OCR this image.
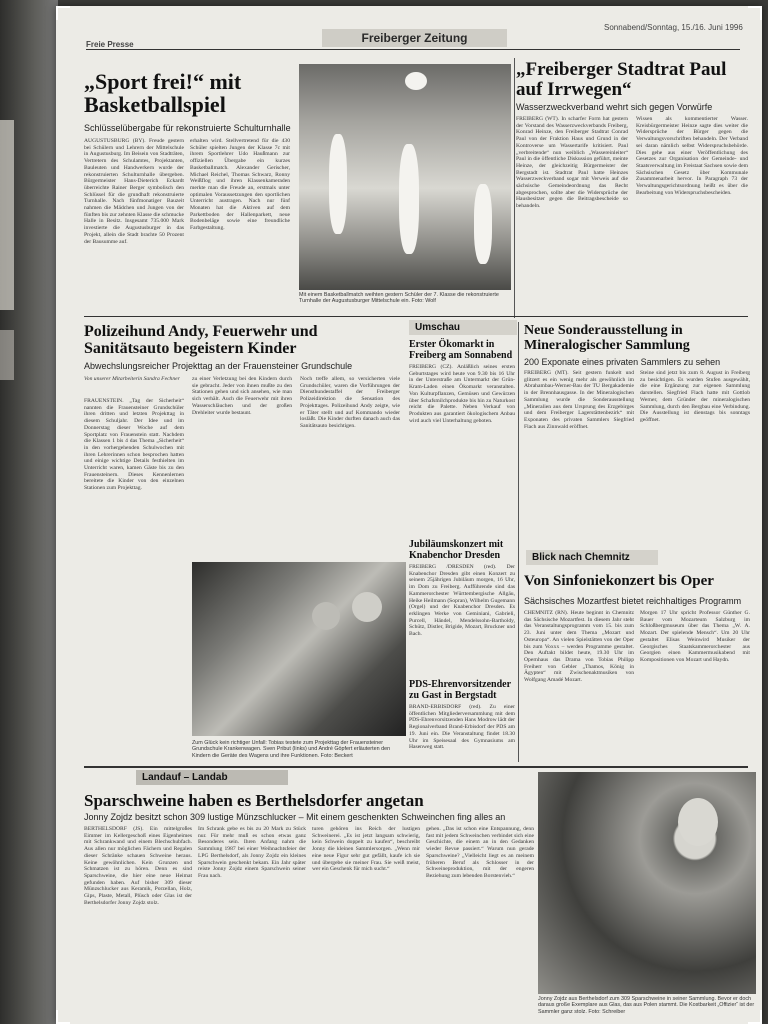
Freie Presse	Freiberger Zeitung
Sonnabend/Sonntag, 15./16. Juni 1996
„Sport frei!“ mit Basketballspiel
Schlüsselübergabe für rekonstruierte Schulturnhalle
AUGUSTUSBURG (BY). Freude gestern bei Schülern und Lehrern der Mittelschule in Augustusburg. Im Beisein von Stadträten, Vertretern des Schulamtes, Projektanten, Bauleuten und Handwerkern wurde der rekonstruierten Schulturnhalle übergeben. Bürgermeister Hans-Dieterich Eckardt überreichte Rainer Berger symbolisch den Schlüssel für die grundhaft rekonstruierte Turnhalle. Nach fünfmonatiger Bauzeit nahmen die Mädchen und Jungen von der fünften bis zur zehnten Klasse die schmucke Halle in Besitz. Insgesamt 735.000 Mark investierte die Augustusburger in das Projekt, allein die Stadt brachte 50 Prozent der Bausumme auf.
erhalten wird. Stellvertretend für die 430 Schüler spielten Jungen der Klasse 7c mit ihrem Sportlehrer Udo Haußmann zur offiziellen Übergabe ein kurzes Basketballmatch. Alexander Gerischer, Michael Reichel, Thomas Schwarz, Ronny Weißflog und ihren Klassenkameraden merkte man die Freude an, erstmals unter optimalen Voraussetzungen den sportlichen Unterricht austragen. Nach nur fünf Monaten hat die Aktiven auf dem Parkettboden der Hallenparkett, neue Bodenbeläge sowie eine freundliche Farbgestaltung.
Mit einem Basketballmatch weihten gestern Schüler der 7. Klasse die rekonstruierte Turnhalle der Augustusburger Mittelschule ein. Foto: Wolf
„Freiberger Stadtrat Paul auf Irrwegen“
Wasserzweckverband wehrt sich gegen Vorwürfe
FREIBERG (WT). In scharfer Form hat gestern der Vorstand des Wasserzweckverbands Freiberg, Konrad Heinze, den Freiberger Stadtrat Conrad Paul von der Fraktion Haus und Grund in der Kontroverse um Wassertarife kritisiert. Paul „verbreitende“ nun weiblich „Wassereinleiter“ Paul in die öffentliche Diskussion geführt, meinte Heinze, der gleichzeitig Bürgermeister der Bergstadt ist. Stadtrat Paul hatte Heinzes Wasserzweckverband sogar mit Verweis auf die sächsische Gemeindeordnung das Recht abgesprochen, sollte aber die Widersprüche der Hausbesitzer gegen die Beitragsbescheide so behandeln.
Wissen als kommentierter Wasser. Kreisbürgermeister Heinze sagte dies weiter die Widersprüche der Bürger gegen die Verwaltungsvorschriften behandeln. Der Verband sei daran nämlich selbst Widerspruchsbehörde. Dies gehe aus einer Veröffentlichung des Gesetzes zur Organisation der Gemeinde- und Staatsverwaltung im Freistaat Sachsen sowie dem Sächsischen Gesetz über Kommunale Zusammenarbeit hervor. In Paragraph 73 der Verwaltungsgerichtsordnung heißt es über die Bearbeitung von Widerspruchsbescheiden.
Polizeihund Andy, Feuerwehr und Sanitätsauto begeistern Kinder
Abwechslungsreicher Projekttag an der Frauensteiner Grundschule
Von unserer Mitarbeiterin Sandra Fechner
FRAUENSTEIN. „Tag der Sicherheit“ nannten die Frauensteiner Grundschüler ihren dritten und letzten Projekttag in diesem Schuljahr. Der Idee und im Donnerstag dieser Woche auf dem Sportplatz von Frauenstein statt. Nachdem die Klassen 1 bis 4 das Thema „Sicherheit“ in den vorhergehenden Schulwochen mit ihren Lehrerinnen schon besprochen hatten und einige wichtige Details festhielten im Unterricht waren, kamen Gäste bis zu den Frauensteinern. Dieses Kennenlernen bereitete die Kinder von den einzelnen Stationen zum Projekttag.
zu einer Verletzung bei den Kindern durch sie gebracht. Jeder von ihnen mußte zu den Stationen gehen und sich ansehen, wie man sich verhält. Auch die Feuerwehr mit ihren Wasserschläuchen und der großen Drehleiter wurde bestaunt.
Noch treffe allem, so versicherten viele Grundschüler, waren die Vorführungen der Diensthundestaffel der Freiberger Polizeidirektion die Sensation des Projekttages. Polizeihund Andy zeigte, wie er Täter stellt und auf Kommando wieder losläßt. Die Kinder durften danach auch das Sanitätsauto besichtigen.
Zum Glück kein richtiger Unfall: Tobias testete zum Projekttag der Frauensteiner Grundschule Krankenwagen. Sven Pribut (links) und André Göpfert erläuterten den Kindern die Geräte des Wagens und ihre Funktionen. Foto: Beckert
Umschau
Erster Ökomarkt in Freiberg am Sonnabend
FREIBERG (CZ). Anläßlich seines ersten Geburtstages wird heute von 9.30 bis 16 Uhr in der Unterstraße am Untermarkt der Grün-Kram-Laden einen Ökomarkt veranstalten. Von Kulturpflanzen, Gemüsen und Gewürzen über Schafsmilchprodukte bis hin zu Naturkost reicht die Palette. Neben Verkauf von Produkten aus garantiert ökologischem Anbau wird auch viel Unterhaltung geboten.
Jubiläumskonzert mit Knabenchor Dresden
FREIBERG /DRESDEN (red). Der Knabenchor Dresden gibt einen Konzert zu seinem 25jährigen Jubiläum morgen, 16 Uhr, im Dom zu Freiberg. Aufführende sind das Kammerorchester Württembergische Allgäu, Heike Heilmann (Sopran), Wilhelm Gugemann (Orgel) und der Knabenchor Dresden. Es erklingen Werke von Geminiani, Gabrieli, Purcell, Händel, Mendelssohn-Bartholdy, Schütz, Distler, Brigide, Mozart, Bruckner und Bach.
PDS-Ehrenvorsitzender zu Gast in Bergstadt
BRAND-ERBISDORF (red). Zu einer öffentlichen Mitgliederversammlung mit dem PDS-Ehrenvorsitzenden Hans Modrow lädt der Regionalverband Brand-Erbisdorf der PDS am 19. Juni ein. Die Veranstaltung findet 18.30 Uhr im Speisesaal des Gymnasiums am Hasenweg statt.
Neue Sonderausstellung in Mineralogischer Sammlung
200 Exponate eines privaten Sammlers zu sehen
FREIBERG (MT). Seit gestern funkelt und glitzert es ein wenig mehr als gewöhnlich im Abrahambau-Werner-Bau der TU Bergakademie in der Brennhausgasse. In der Mineralogischen Sammlung wurde die Sonderausstellung „Mineralien aus dem Ursprung des Erzgebirges und dem Freiberger Lagerstättenbezirk“ mit Exponaten des privaten Sammlers Siegfried Flach aus Zinnwald eröffnet.
Steine sind jetzt bis zum 8. August in Freiberg zu besichtigen. Es wurden Stufen ausgewählt, die eine Ergänzung zur eigenen Sammlung darstellen. Siegfried Flach hatte mit Gottlob Werner, dem Gründer der mineralogischen Sammlung, durch den Bergbau eine Verbindung. Die Ausstellung ist dienstags bis sonntags geöffnet.
Blick nach Chemnitz
Von Sinfoniekonzert bis Oper
Sächsisches Mozartfest bietet reichhaltiges Programm
CHEMNITZ (RN). Heute beginnt in Chemnitz das Sächsische Mozartfest. In diesem Jahr steht das Veranstaltungsprogramm vom 15. bis zum 23. Juni unter dem Thema „Mozart und Osteuropa“. An vielen Spielstätten von der Oper bis zum Voxxx – werden Programme gestaltet. Den Auftakt bildet heute, 19.30 Uhr im Opernhaus das Drama von Tobias Philipp Freiherr von Gebler „Thamos, König in Ägypten“ mit Zwischenaktmusiken von Wolfgang Amadé Mozart.
Morgen 17 Uhr spricht Professor Günther G. Bauer vom Mozarteum Salzburg im Schloßbergmuseum über das Thema „W. A. Mozart. Der spielende Mensch“. Um 20 Uhr gestaltet Elisas Weinwird Musiker der Georgisches Staatskammerorchester aus Georgien einen Kammermusikabend mit Kompositionen von Mozart und Haydn.
Landauf – Landab
Sparschweine haben es Berthelsdorfer angetan
Jonny Zojdz besitzt schon 309 lustige Münzschlucker – Mit einem geschenkten Schweinchen fing alles an
BERTHELSDORF (JS). Ein mittelgroßes Eimmer im Kellergeschoß eines Eigenheimes mit Schrankwand und einem Blechschubfach. Aus allen nur möglichen Fächern und Regalen dieser Schränke schauen Schweine heraus. Keine gewöhnlichen. Kein Grunzen und Schmatzen ist zu hören. Denn es sind Sparschweine, die hier eine neue Heimat gefunden haben. Auf bisher 309 dieser Münzschlucker aus Keramik, Porzellan, Holz, Gips, Plaste, Metall, Plüsch oder Glas ist der Berthelsdorfer Jonny Zojdz stolz.
Im Schrank gebe es bis zu 20 Mark zu Stück nur. Für mehr muß es schon etwas ganz Besonderes sein. Ihren Anfang nahm die Sammlung 1987 bei einer Weihnachtsfeier der LPG Berthelsdorf, als Jonny Zojdz ein kleines Sparschwein geschenkt bekam. Ein Jahr später reiste Jonny Zojdz einem Sparschwein seiner Frau nach.
turen gehören ins Reich der lustigen Schweinerei. „Es ist jetzt langsam schwierig, kein Schwein doppelt zu kaufen“, beschreibt Jonny die kleinen Sammlersorgen. „Wenn mir eine neue Figur sehr gut gefällt, kaufe ich sie und übergebe sie meiner Frau. Sie weiß meist, wer ein Geschenk für mich sucht.“
gehen. „Das ist schon eine Entspannung, denn fast mit jedem Schweinchen verbindet sich eine Geschichte, die einem an in den Gedanken wieder Revue passiert.“ Warum nun gerade Sparschweine? „Vielleicht liegt es an meinem früheren Beruf als Schlosser in der Schweineproduktion, mit der engeren Beziehung zum lebenden Borstenvieh.“
Jonny Zojdz aus Berthelsdorf zum 309 Sparschweine in seiner Sammlung. Bevor er doch daraus große Exemplare aus Glas, das aus Polen stammt. Die Kostbarkeit „Offizier“ ist der Sammler ganz stolz. Foto: Schreiber
